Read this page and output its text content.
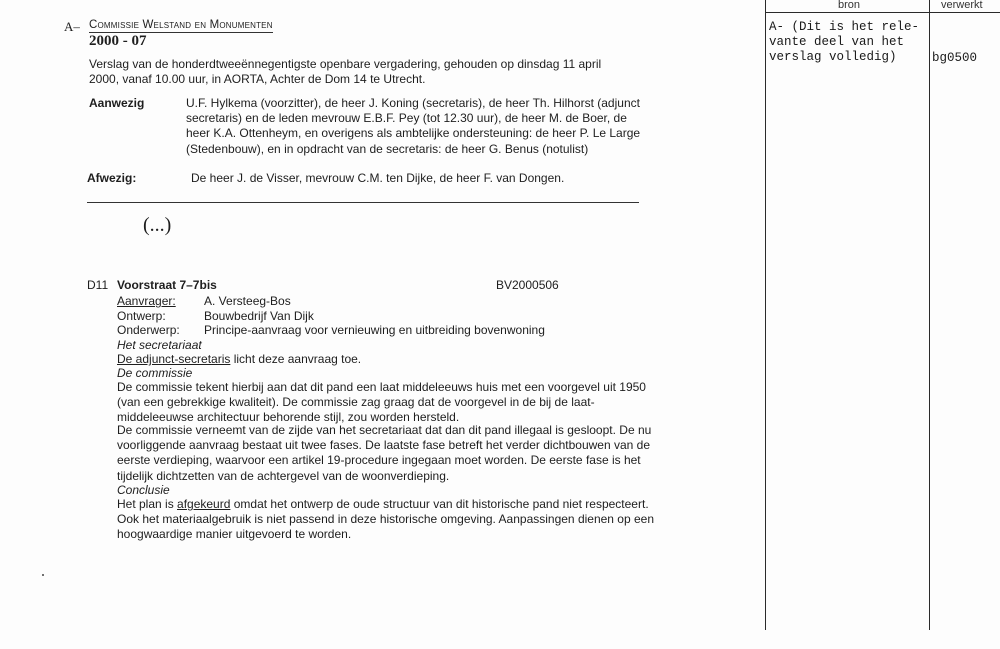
bron	verwerkt
A- (Dit is het rele-
vante deel van het
verslag volledig)	bg0500
A– Commissie Welstand en Monumenten
2000 - 07
Verslag van de honderdtweeënnegentigste openbare vergadering, gehouden op dinsdag 11 april 2000, vanaf 10.00 uur, in AORTA, Achter de Dom 14 te Utrecht.
Aanwezig	U.F. Hylkema (voorzitter), de heer J. Koning (secretaris), de heer Th. Hilhorst (adjunct secretaris) en de leden mevrouw E.B.F. Pey (tot 12.30 uur), de heer M. de Boer, de heer K.A. Ottenheym, en overigens als ambtelijke ondersteuning: de heer P. Le Large (Stedenbouw), en in opdracht van de secretaris: de heer G. Benus (notulist)
Afwezig:	De heer J. de Visser, mevrouw C.M. ten Dijke, de heer F. van Dongen.
(...)
D11 Voorstraat 7–7bis	BV2000506
Aanvrager: A. Versteeg-Bos
Ontwerp:	Bouwbedrijf Van Dijk
Onderwerp: Principe-aanvraag voor vernieuwing en uitbreiding bovenwoning
Het secretariaat
De adjunct-secretaris licht deze aanvraag toe.
De commissie
De commissie tekent hierbij aan dat dit pand een laat middeleeuws huis met een voorgevel uit 1950 (van een gebrekkige kwaliteit). De commissie zag graag dat de voorgevel in de bij de laat-middeleeuwse architectuur behorende stijl, zou worden hersteld.
De commissie verneemt van de zijde van het secretariaat dat dan dit pand illegaal is gesloopt. De nu voorliggende aanvraag bestaat uit twee fases. De laatste fase betreft het verder dichtbouwen van de eerste verdieping, waarvoor een artikel 19-procedure ingegaan moet worden. De eerste fase is het tijdelijk dichtzetten van de achtergevel van de woonverdieping.
Conclusie
Het plan is afgekeurd omdat het ontwerp de oude structuur van dit historische pand niet respecteert. Ook het materiaalgebruik is niet passend in deze historische omgeving. Aanpassingen dienen op een hoogwaardige manier uitgevoerd te worden.
